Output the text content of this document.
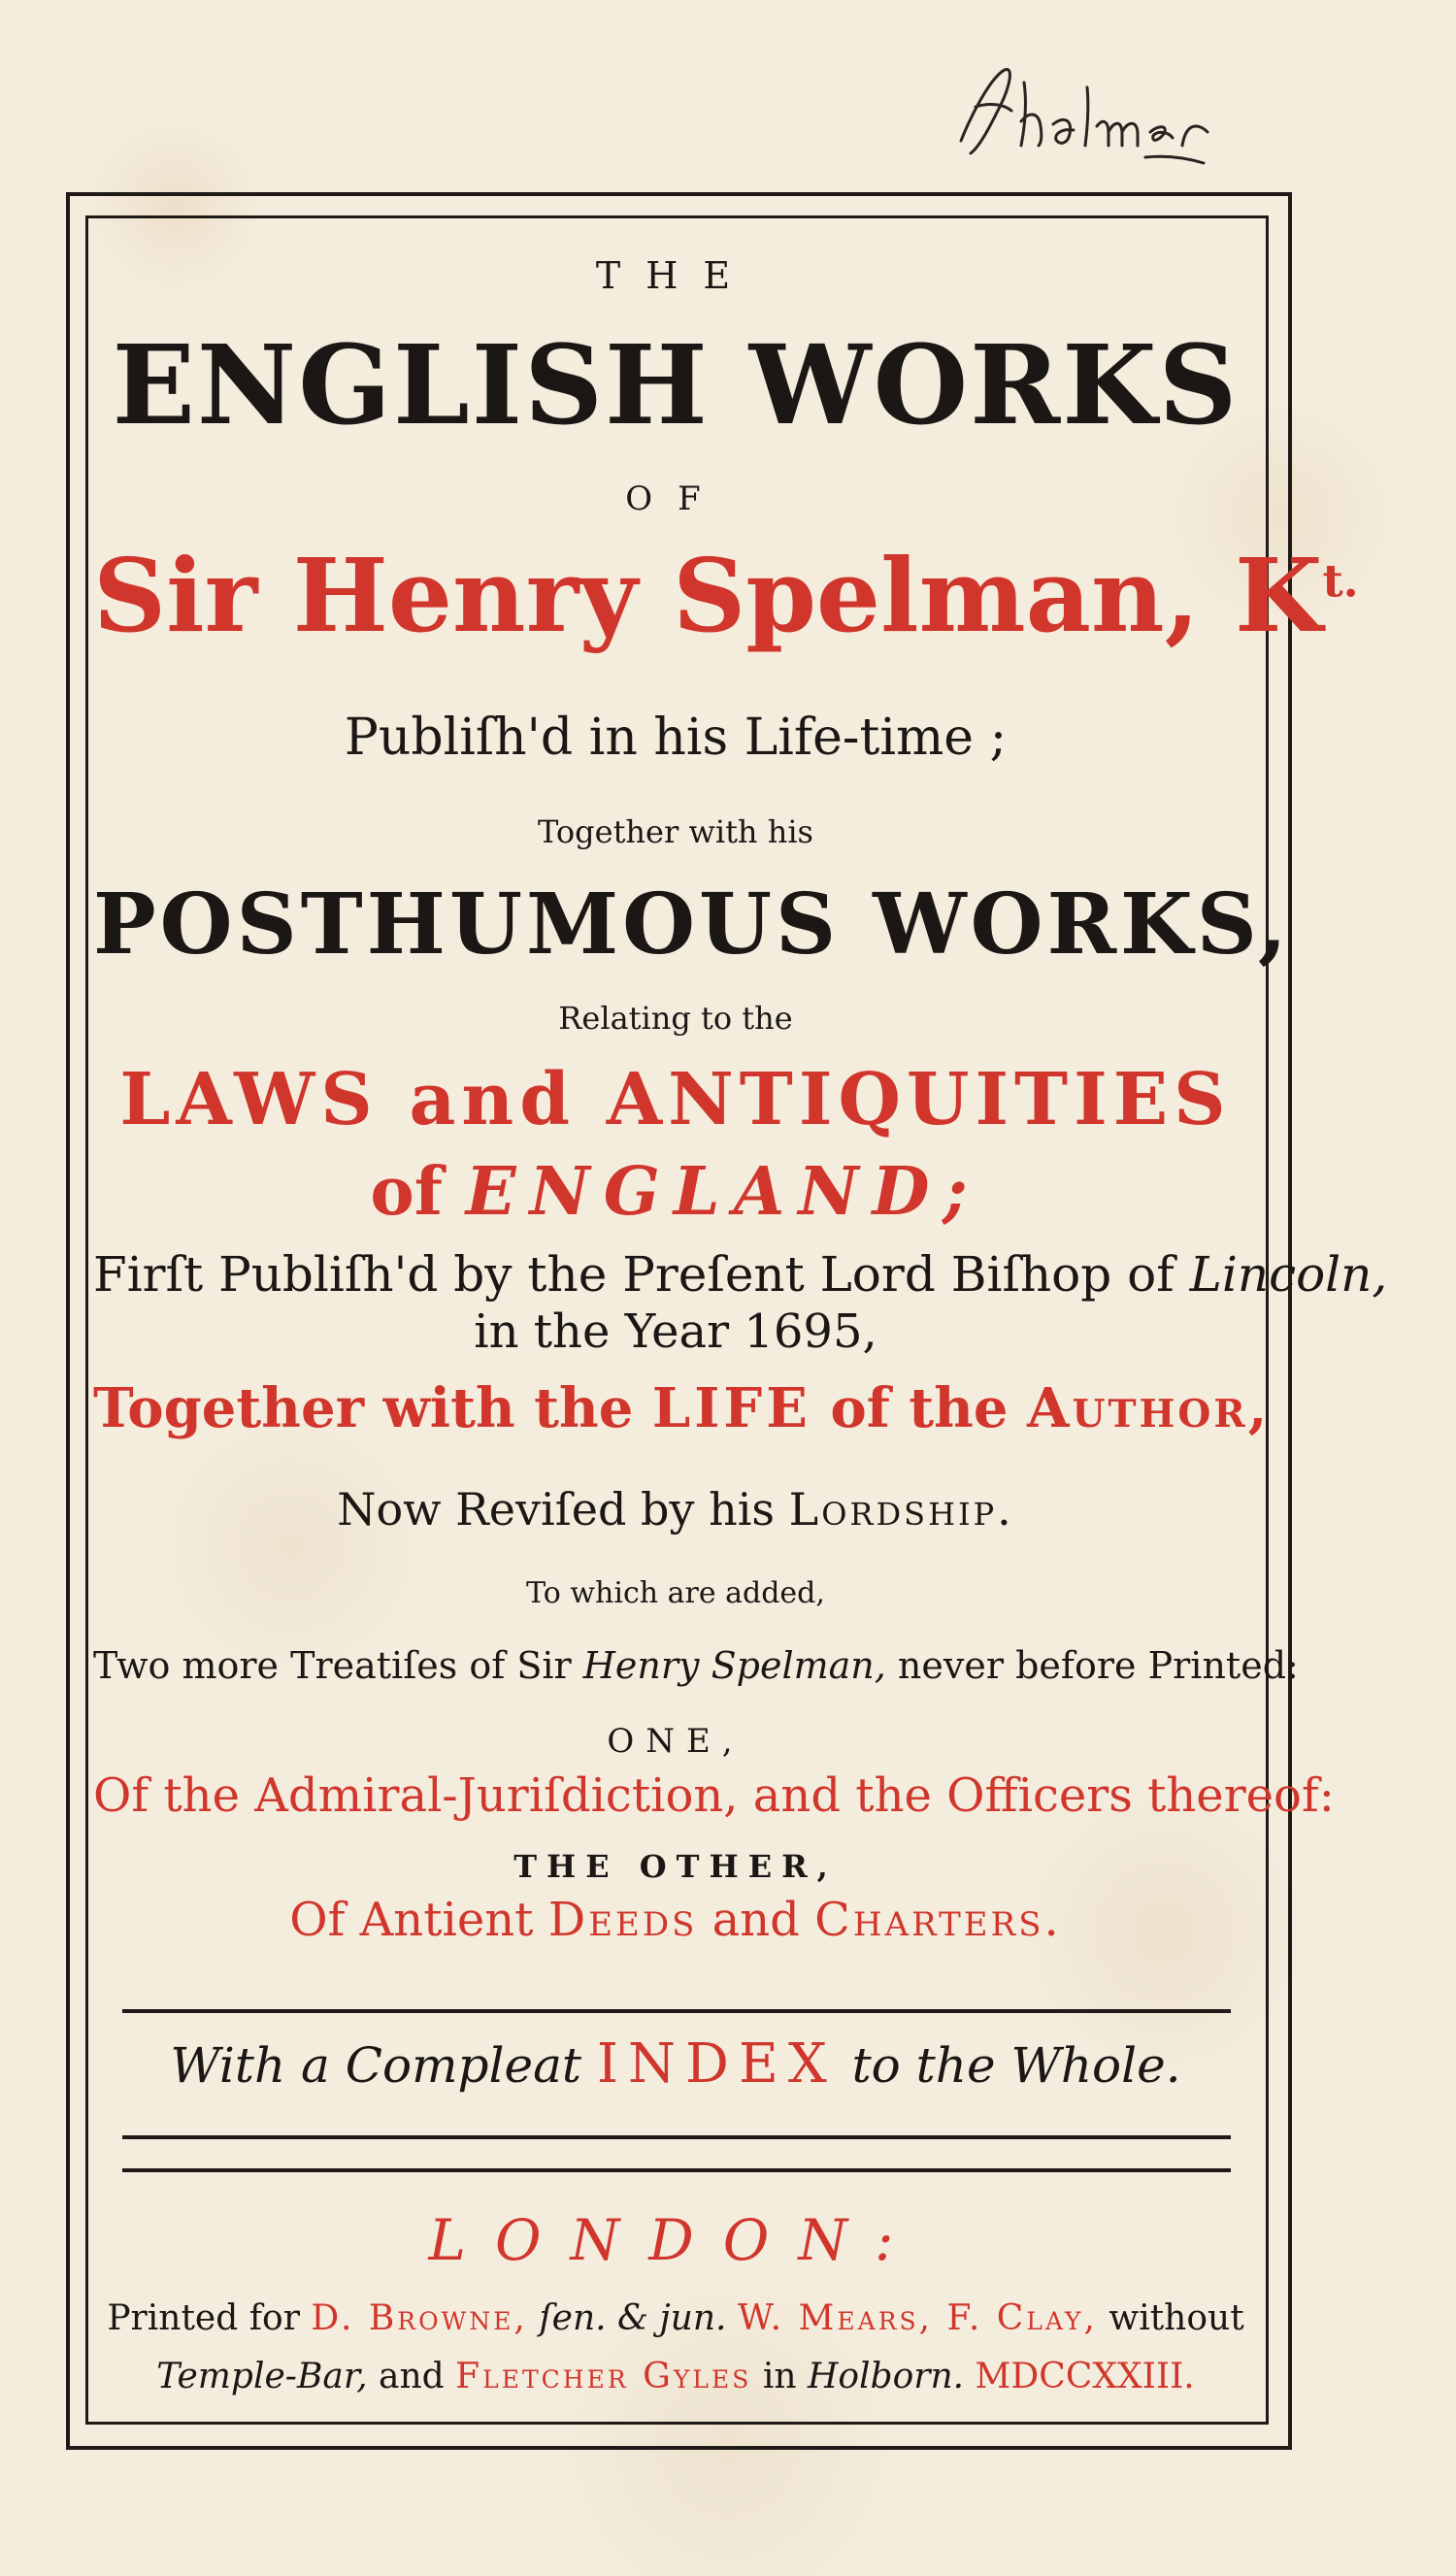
THE
ENGLISH WORKS
OF
Sir Henry Spelman, $K^{t.}$
Publiſh'd in his Life-time ;
Together with his
POSTHUMOUS WORKS,
Relating to the
LAWS and ANTIQUITIES
of ENGLAND;
Firſt Publiſh'd by the Preſent Lord Biſhop of Lincoln,
in the Year 1695,
Together with the LIFE of the Author,
Now Reviſed by his Lordship.
To which are added,
Two more Treatiſes of Sir Henry Spelman, never before Printed:
ONE,
Of the Admiral-Juriſdiction, and the Officers thereof:
THE OTHER,
Of Antient Deeds and Charters.
With a Compleat INDEX to the Whole.
LONDON:
Printed for D. Browne, ſen. & jun. W. Mears, F. Clay, without
Temple-Bar, and Fletcher Gyles in Holborn. MDCCXXIII.
